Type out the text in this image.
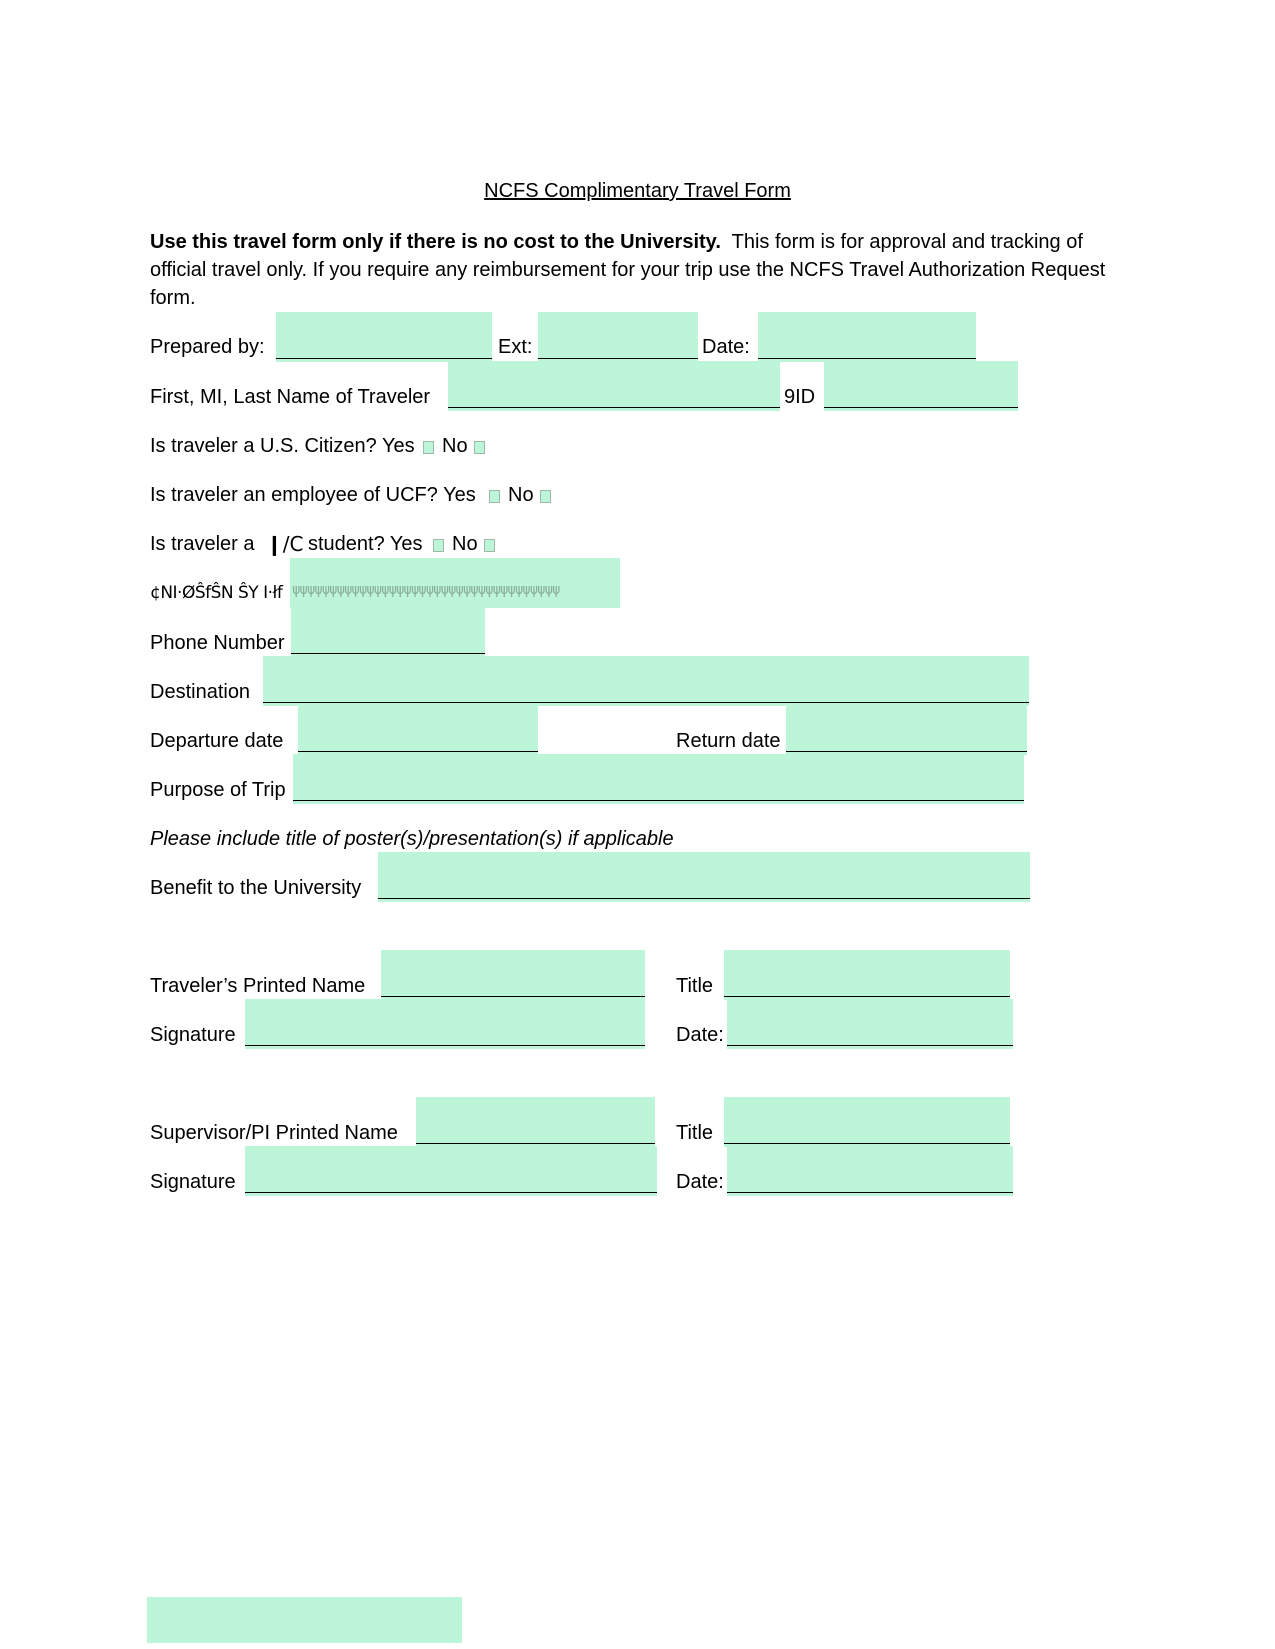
NCFS Complimentary Travel Form
Use this travel form only if there is no cost to the University. This form is for approval and tracking of official travel only. If you require any reimbursement for your trip use the NCFS Travel Authorization Request form.
Prepared by:	Ext:	Date:
First, MI, Last Name of Traveler	9ID
Is traveler a U.S. Citizen? Yes No
Is traveler an employee of UCF? Yes No
Is traveler a ❙/C student? Yes No
¢NI·ØŜfŜN ŜY I·łf ψψψψψψψψψψψψψψψψψψψψψψψψψψψψψψψψψψψψ
Phone Number
Destination
Departure date	Return date
Purpose of Trip
Please include title of poster(s)/presentation(s) if applicable
Benefit to the University
Traveler’s Printed Name	Title
Signature	Date:
Supervisor/PI Printed Name	Title
Signature	Date:
